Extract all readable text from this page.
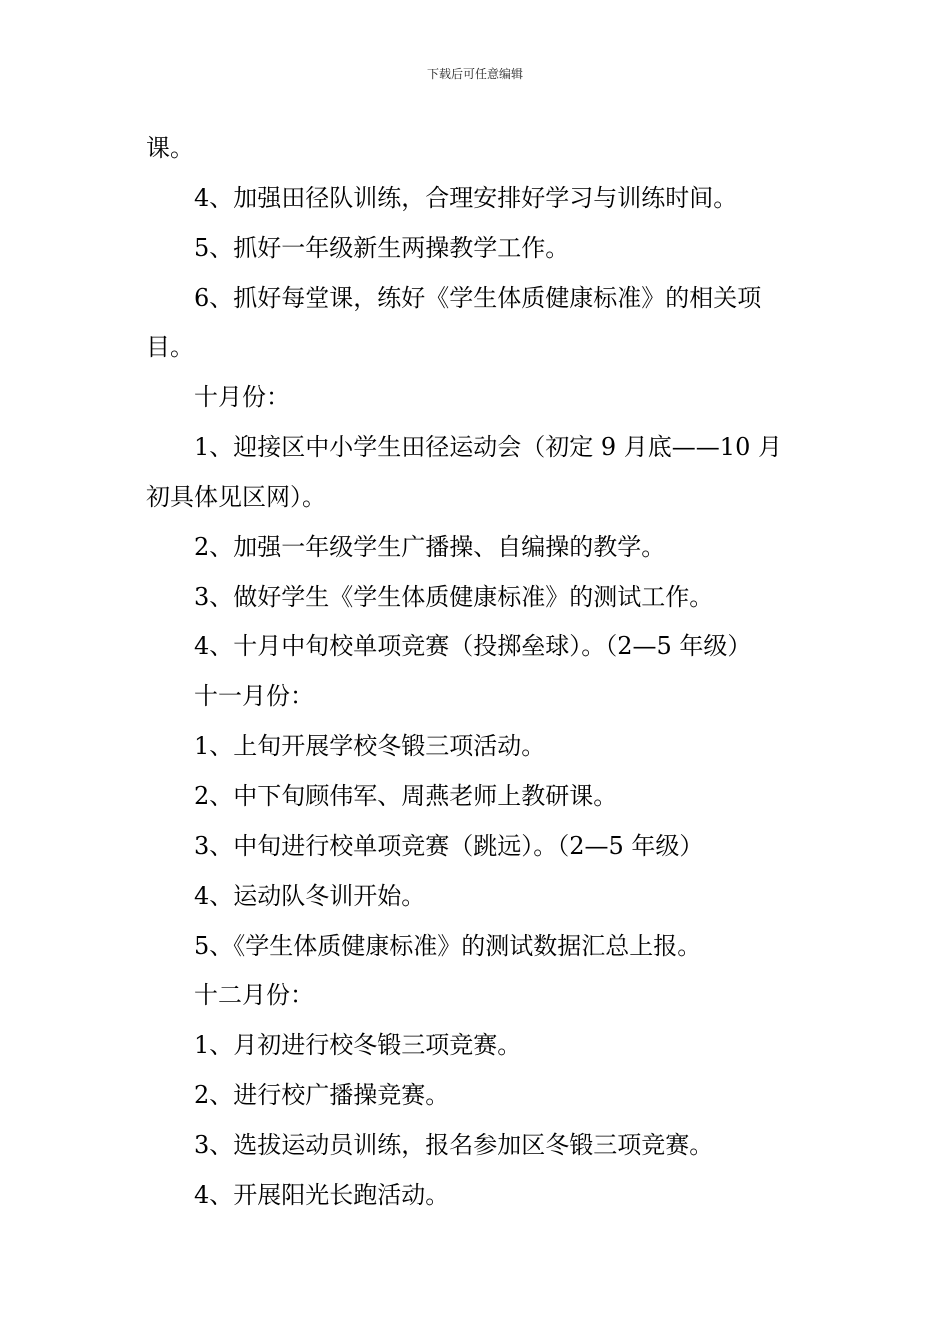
下载后可任意编辑
课。
4、加强田径队训练，合理安排好学习与训练时间。
5、抓好一年级新生两操教学工作。
6、抓好每堂课，练好《学生体质健康标准》的相关项
目。
十月份：
1、迎接区中小学生田径运动会（初定 9 月底——10 月
初具体见区网）。
2、加强一年级学生广播操、自编操的教学。
3、做好学生《学生体质健康标准》的测试工作。
4、十月中旬校单项竞赛（投掷垒球）。（2—5 年级）
十一月份：
1、上旬开展学校冬锻三项活动。
2、中下旬顾伟军、周燕老师上教研课。
3、中旬进行校单项竞赛（跳远）。（2—5 年级）
4、运动队冬训开始。
5、《学生体质健康标准》的测试数据汇总上报。
十二月份：
1、月初进行校冬锻三项竞赛。
2、进行校广播操竞赛。
3、选拔运动员训练，报名参加区冬锻三项竞赛。
4、开展阳光长跑活动。
